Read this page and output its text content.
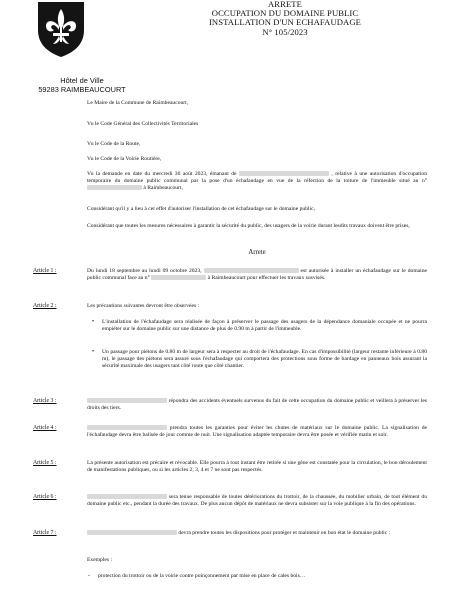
ARRETE
OCCUPATION DU DOMAINE PUBLIC
INSTALLATION D'UN ECHAFAUDAGE
N° 105/2023
Hôtel de Ville
59283 RAIMBEAUCOURT
Le Maire de la Commune de Raimbeaucourt,
Vu le Code Général des Collectivités Territoriales
Vu le Code de la Route,
Vu le Code de la Voirie Routière,
Vu la demande en date du mercredi 30 août 2023, émanant de	, relative à une autorisation d'occupation temporaire du domaine public communal par la pose d'un échafaudage en vue de la réfection de la toiture de l'immeuble situé au n°  à Raimbeaucourt,
Considérant qu'il y a lieu à cet effet d'autoriser l'installation de cet échafaudage sur le domaine public,
Considérant que toutes les mesures nécessaires à garantir la sécurité du public, des usagers de la voirie durant lesdits travaux doivent être prises,
Arrete
Article 1 :	Du lundi 18 septembre au lundi 09 octobre 2023,	est autorisée à installer un échafaudage sur le domaine public communal face au n°	à Raimbeaucourt pour effectuer les travaux susvisés.
Article 2 :	Les précautions suivantes devront être observées :
• L'installation de l'échafaudage sera réalisée de façon à préserver le passage des usagers de la dépendance domaniale occupée et ne pourra empiéter sur le domaine public sur une distance de plus de 0.90 m à partir de l'immeuble.
• Un passage pour piétons de 0.80 m de largeur sera à respecter au droit de l'échafaudage. En cas d'impossibilité (largeur restante inférieure à 0.80 m), le passage des piétons sera assuré sous l'échafaudage qui comportera des protections sous forme de bardage en panneaux bois assurant la sécurité maximale des usagers tant côté route que côté chantier.
Article 3 :	répondra des accidents éventuels survenus du fait de cette occupation du domaine public et veillera à préserver les droits des tiers.
Article 4 :	prendra toutes les garanties pour éviter les chutes de matériaux sur le domaine public. La signalisation de l'échafaudage devra être balisée de jour comme de nuit. Une signalisation adaptée temporaire devra être posée et vérifiée matin et soir.
Article 5 :	La présente autorisation est précaire et révocable. Elle pourra à tout instant être retirée si une gêne est constatée pour la circulation, le bon déroulement de manifestations publiques, ou si les articles 2, 3, 4 et 7 ne sont pas respectés.
Article 6 :	sera tenue responsable de toutes détériorations du trottoir, de la chaussée, du mobilier urbain, de tout élément du domaine public etc., pendant la durée des travaux. De plus aucun dépôt de matériaux ne devra subsister sur la voie publique à la fin des opérations.
Article 7 :	devra prendre toutes les dispositions pour protéger et maintenir en bon état le domaine public :
Exemples :
- protection du trottoir ou de la voirie contre poinçonnement par mise en place de cales bois…
